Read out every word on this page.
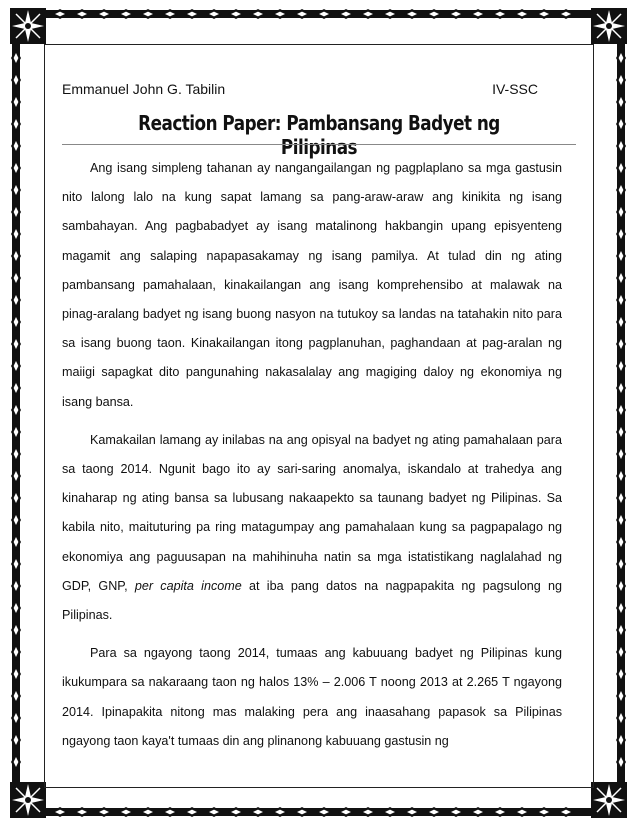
Emmanuel John G. Tabilin	IV-SSC
Reaction Paper: Pambansang Badyet ng Pilipinas

Ang isang simpleng tahanan ay nangangailangan ng pagplaplano sa mga gastusin nito lalong lalo na kung sapat lamang sa pang-araw-araw ang kinikita ng isang sambahayan. Ang pagbabadyet ay isang matalinong hakbangin upang episyenteng magamit ang salaping napapasakamay ng isang pamilya. At tulad din ng ating pambansang pamahalaan, kinakailangan ang isang komprehensibo at malawak na pinag-aralang badyet ng isang buong nasyon na tutukoy sa landas na tatahakin nito para sa isang buong taon. Kinakailangan itong pagplanuhan, paghandaan at pag-aralan ng maiigi sapagkat dito pangunahing nakasalalay ang magiging daloy ng ekonomiya ng isang bansa.

Kamakailan lamang ay inilabas na ang opisyal na badyet ng ating pamahalaan para sa taong 2014. Ngunit bago ito ay sari-saring anomalya, iskandalo at trahedya ang kinaharap ng ating bansa sa lubusang nakaapekto sa taunang badyet ng Pilipinas. Sa kabila nito, maituturing pa ring matagumpay ang pamahalaan kung sa pagpapalago ng ekonomiya ang paguusapan na mahihinuha natin sa mga istatistikang naglalahad ng GDP, GNP, per capita income at iba pang datos na nagpapakita ng pagsulong ng Pilipinas.

Para sa ngayong taong 2014, tumaas ang kabuuang badyet ng Pilipinas kung ikukumpara sa nakaraang taon ng halos 13% – 2.006 T noong 2013 at 2.265 T ngayong 2014. Ipinapakita nitong mas malaking pera ang inaasahang papasok sa Pilipinas ngayong taon kaya't tumaas din ang plinanong kabuuang gastusin ng
